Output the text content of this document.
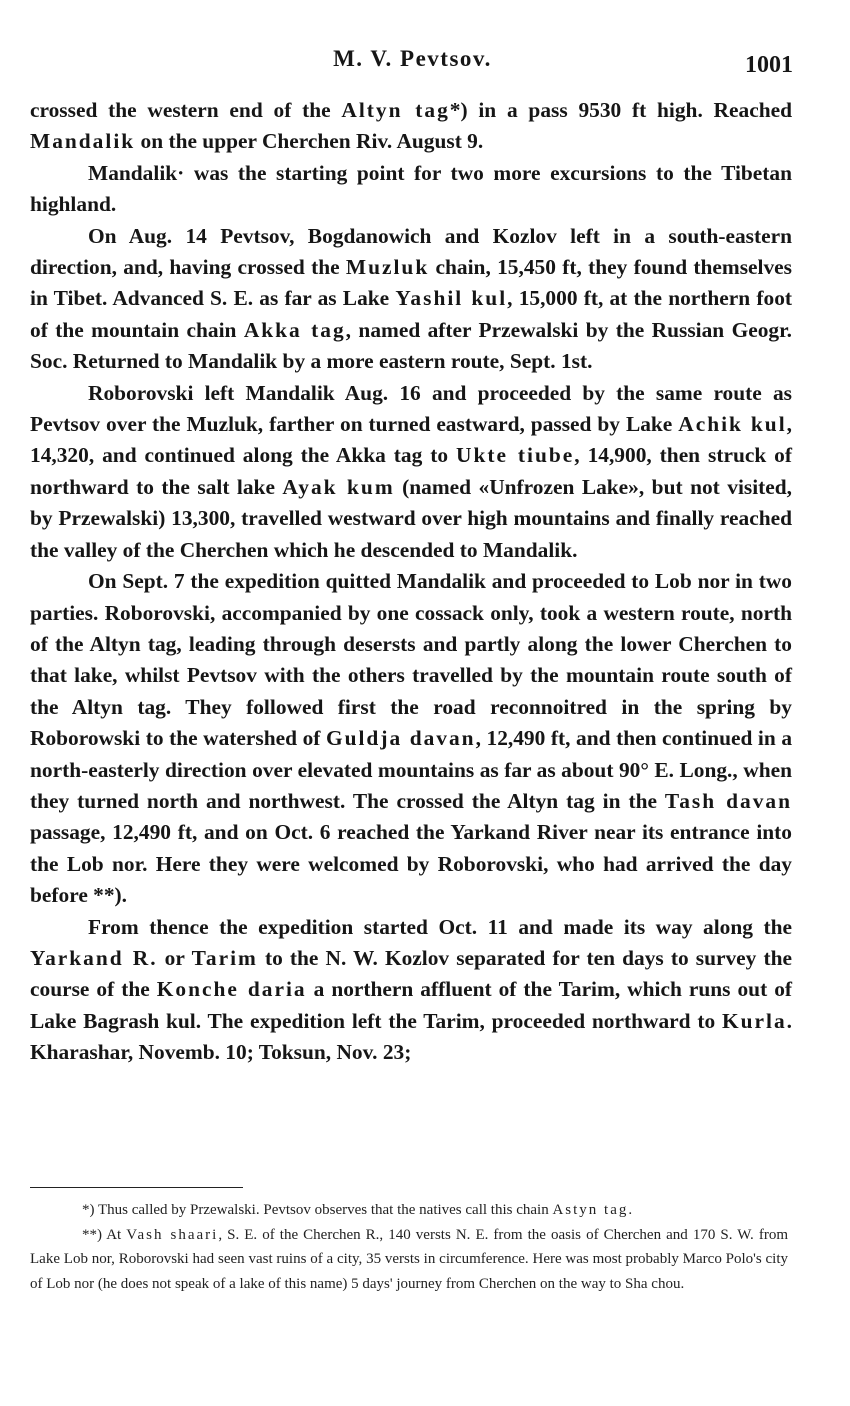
M. V. Pevtsov.	1001

crossed the western end of the Altyn tag*) in a pass 9530 ft high. Reached Mandalik on the upper Cherchen Riv. August 9.

Mandalik· was the starting point for two more excursions to the Tibetan highland.

On Aug. 14 Pevtsov, Bogdanowich and Kozlov left in a south-eastern direction, and, having crossed the Muzluk chain, 15,450 ft, they found themselves in Tibet. Advanced S. E. as far as Lake Yashil kul, 15,000 ft, at the northern foot of the mountain chain Akka tag, named after Przewalski by the Russian Geogr. Soc. Returned to Mandalik by a more eastern route, Sept. 1st.

Roborovski left Mandalik Aug. 16 and proceeded by the same route as Pevtsov over the Muzluk, farther on turned eastward, passed by Lake Achik kul, 14,320, and continued along the Akka tag to Ukte tiube, 14,900, then struck of northward to the salt lake Ayak kum (named «Unfrozen Lake», but not visited, by Przewalski) 13,300, travelled westward over high mountains and finally reached the valley of the Cherchen which he descended to Mandalik.

On Sept. 7 the expedition quitted Mandalik and proceeded to Lob nor in two parties. Roborovski, accompanied by one cossack only, took a western route, north of the Altyn tag, leading through desersts and partly along the lower Cherchen to that lake, whilst Pevtsov with the others travelled by the mountain route south of the Altyn tag. They followed first the road reconnoitred in the spring by Roborowski to the watershed of Guldja davan, 12,490 ft, and then continued in a north-easterly direction over elevated mountains as far as about 90° E. Long., when they turned north and northwest. The crossed the Altyn tag in the Tash davan passage, 12,490 ft, and on Oct. 6 reached the Yarkand River near its entrance into the Lob nor. Here they were welcomed by Roborovski, who had arrived the day before **).

From thence the expedition started Oct. 11 and made its way along the Yarkand R. or Tarim to the N. W. Kozlov separated for ten days to survey the course of the Konche daria a northern affluent of the Tarim, which runs out of Lake Bagrash kul. The expedition left the Tarim, proceeded northward to Kurla. Kharashar, Novemb. 10; Toksun, Nov. 23;

*) Thus called by Przewalski. Pevtsov observes that the natives call this chain Astyn tag.

**) At Vash shaari, S. E. of the Cherchen R., 140 versts N. E. from the oasis of Cherchen and 170 S. W. from Lake Lob nor, Roborovski had seen vast ruins of a city, 35 versts in circumference. Here was most probably Marco Polo's city of Lob nor (he does not speak of a lake of this name) 5 days' journey from Cherchen on the way to Sha chou.
